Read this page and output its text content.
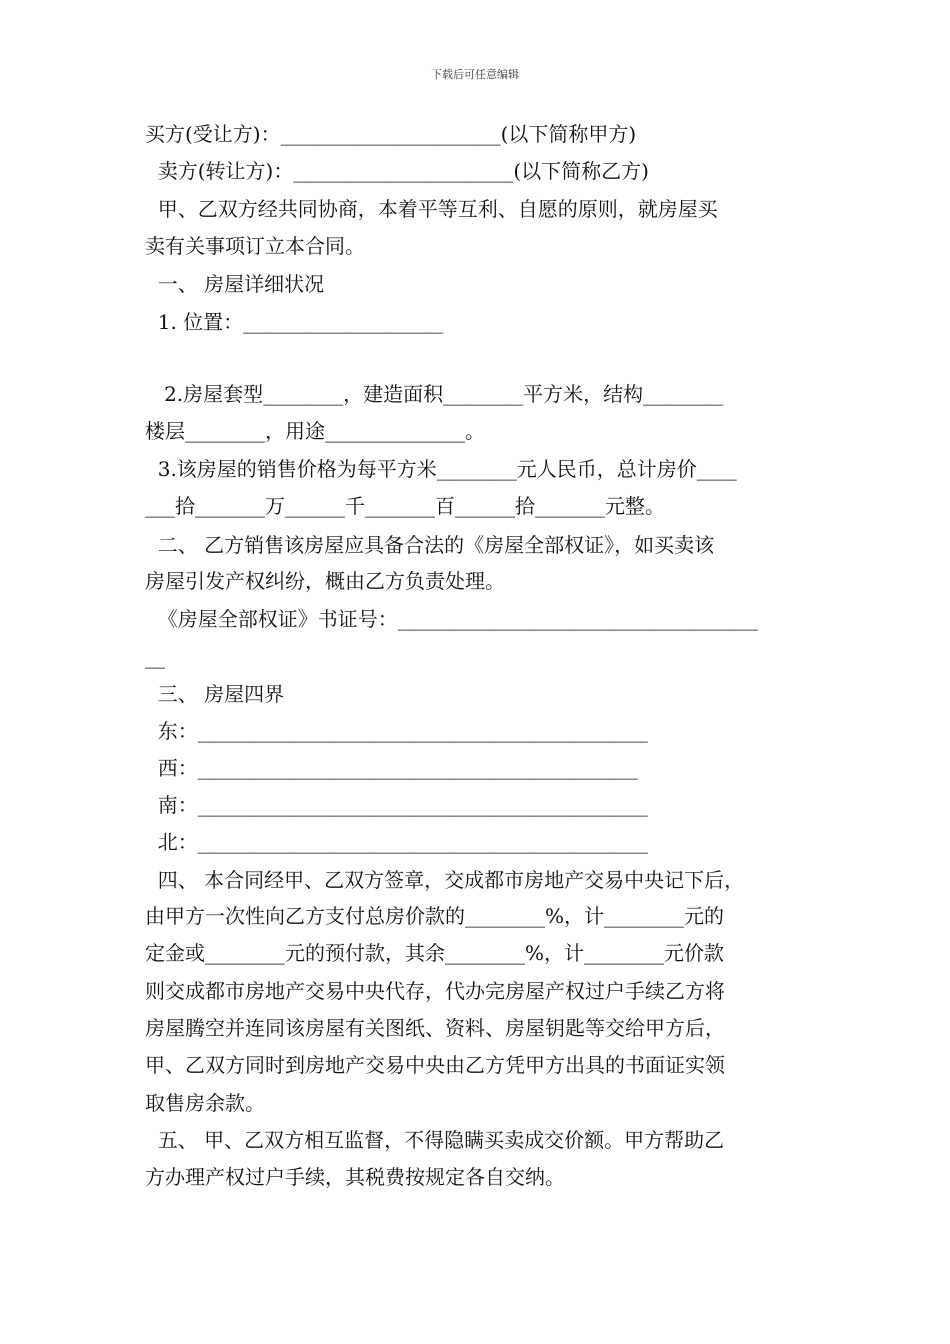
下载后可任意编辑
买方(受让方)：______________________(以下简称甲方)
卖方(转让方)：______________________(以下简称乙方)
甲、乙双方经共同协商，本着平等互利、自愿的原则，就房屋买
卖有关事项订立本合同。
一、 房屋详细状况
1. 位置：____________________
2.房屋套型________，建造面积________平方米，结构________
楼层________，用途______________。
3.该房屋的销售价格为每平方米________元人民币，总计房价____
___拾_______万______千_______百______拾_______元整。
二、 乙方销售该房屋应具备合法的《房屋全部权证》，如买卖该
房屋引发产权纠纷，概由乙方负责处理。
《房屋全部权证》书证号：____________________________________
__
三、 房屋四界
东：_____________________________________________
西：____________________________________________
南：_____________________________________________
北：_____________________________________________
四、 本合同经甲、乙双方签章，交成都市房地产交易中央记下后，
由甲方一次性向乙方支付总房价款的________%，计________元的
定金或________元的预付款，其余________%，计________元价款
则交成都市房地产交易中央代存，代办完房屋产权过户手续乙方将
房屋腾空并连同该房屋有关图纸、资料、房屋钥匙等交给甲方后，
甲、乙双方同时到房地产交易中央由乙方凭甲方出具的书面证实领
取售房余款。
五、 甲、乙双方相互监督，不得隐瞒买卖成交价额。甲方帮助乙
方办理产权过户手续，其税费按规定各自交纳。
